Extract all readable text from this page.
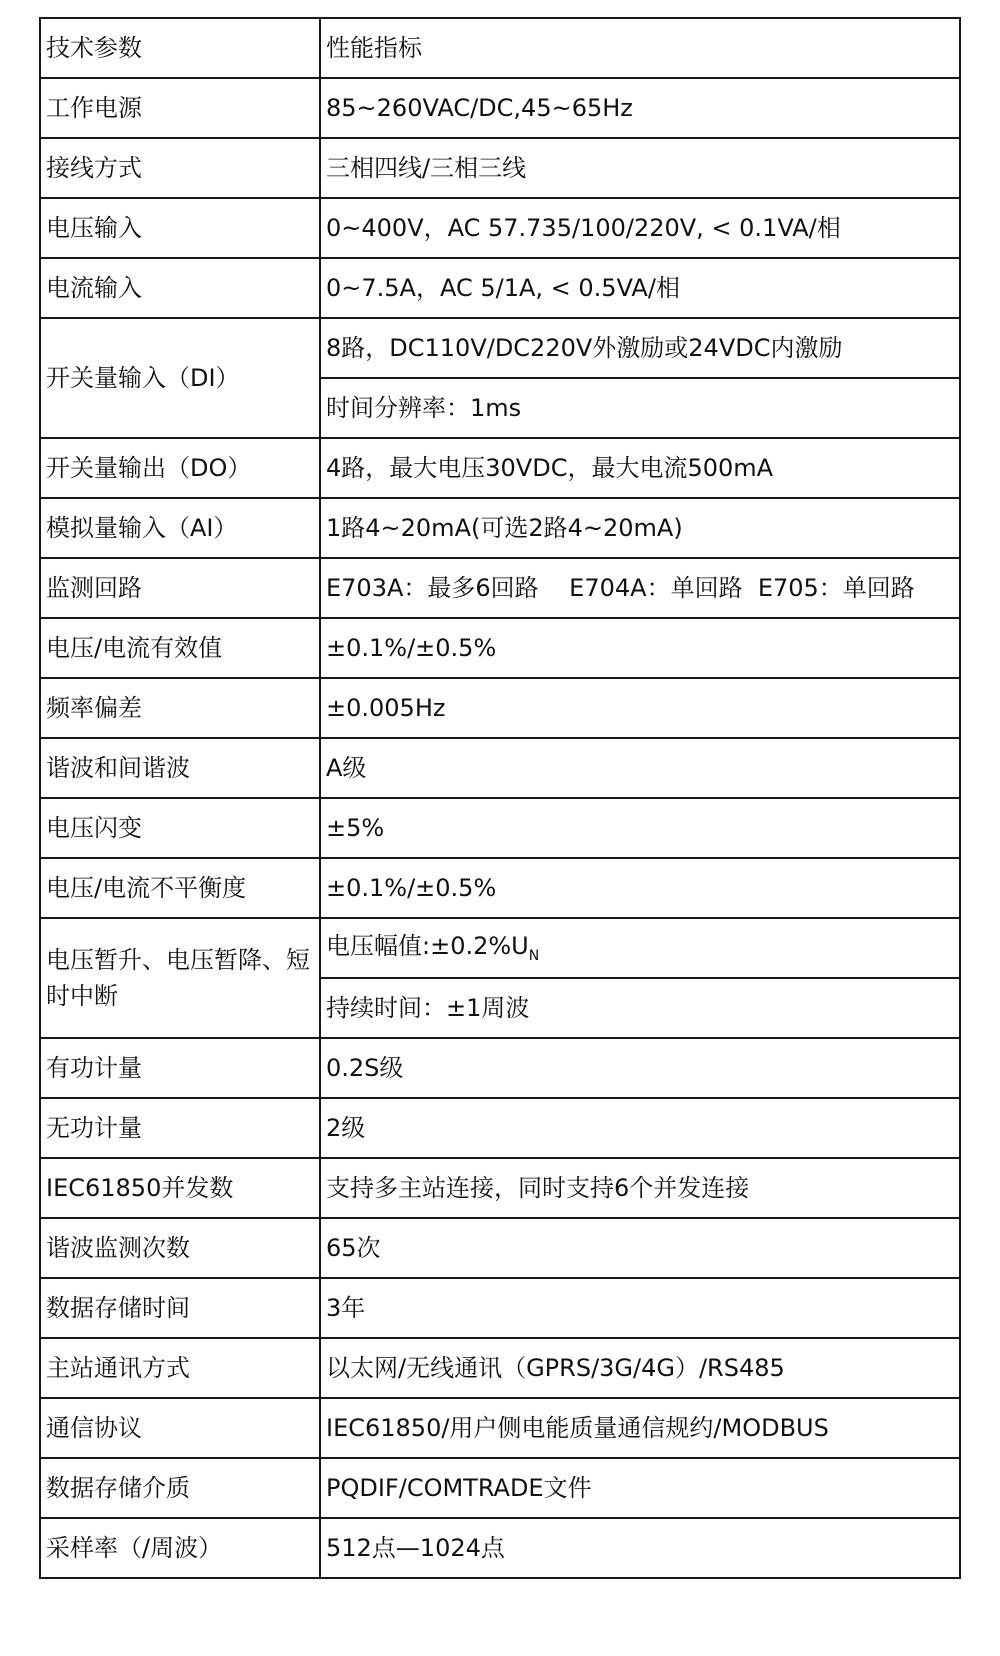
技术参数	性能指标
工作电源	85~260VAC/DC,45~65Hz
接线方式	三相四线/三相三线
电压输入	0~400V，AC 57.735/100/220V, < 0.1VA/相
电流输入	0~7.5A，AC 5/1A, < 0.5VA/相
开关量输入（DI）	8路，DC110V/DC220V外激励或24VDC内激励
	时间分辨率：1ms
开关量输出（DO）	4路，最大电压30VDC，最大电流500mA
模拟量输入（AI）	1路4~20mA(可选2路4~20mA)
监测回路	E703A：最多6回路    E704A：单回路  E705：单回路
电压/电流有效值	±0.1%/±0.5%
频率偏差	±0.005Hz
谐波和间谐波	A级
电压闪变	±5%
电压/电流不平衡度	±0.1%/±0.5%
电压暂升、电压暂降、短时中断	电压幅值$:\pm 0.2\%U_N$
	持续时间：±1周波
有功计量	0.2S级
无功计量	2级
IEC61850并发数	支持多主站连接，同时支持6个并发连接
谐波监测次数	65次
数据存储时间	3年
主站通讯方式	以太网/无线通讯（GPRS/3G/4G）/RS485
通信协议	IEC61850/用户侧电能质量通信规约/MODBUS
数据存储介质	PQDIF/COMTRADE文件
采样率（/周波）	512点—1024点
